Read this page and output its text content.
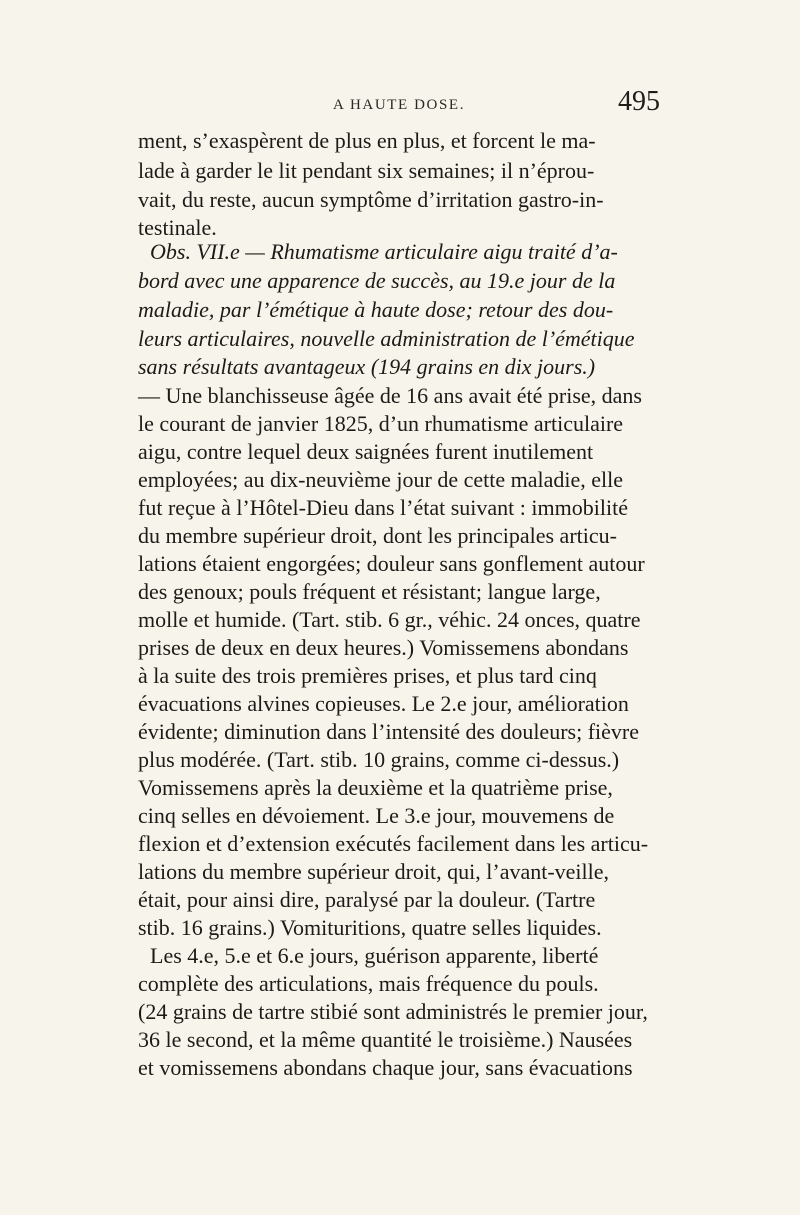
A HAUTE DOSE.	495
ment, s’exaspèrent de plus en plus, et forcent le ma-
lade à garder le lit pendant six semaines; il n’éprou-
vait, du reste, aucun symptôme d’irritation gastro-in-
testinale.
Obs. VII.e — Rhumatisme articulaire aigu traité d’a-
bord avec une apparence de succès, au 19.e jour de la
maladie, par l’émétique à haute dose; retour des dou-
leurs articulaires, nouvelle administration de l’émétique
sans résultats avantageux (194 grains en dix jours.)
— Une blanchisseuse âgée de 16 ans avait été prise, dans
le courant de janvier 1825, d’un rhumatisme articulaire
aigu, contre lequel deux saignées furent inutilement
employées; au dix-neuvième jour de cette maladie, elle
fut reçue à l’Hôtel-Dieu dans l’état suivant : immobilité
du membre supérieur droit, dont les principales articu-
lations étaient engorgées; douleur sans gonflement autour
des genoux; pouls fréquent et résistant; langue large,
molle et humide. (Tart. stib. 6 gr., véhic. 24 onces, quatre
prises de deux en deux heures.) Vomissemens abondans
à la suite des trois premières prises, et plus tard cinq
évacuations alvines copieuses. Le 2.e jour, amélioration
évidente; diminution dans l’intensité des douleurs; fièvre
plus modérée. (Tart. stib. 10 grains, comme ci-dessus.)
Vomissemens après la deuxième et la quatrième prise,
cinq selles en dévoiement. Le 3.e jour, mouvemens de
flexion et d’extension exécutés facilement dans les articu-
lations du membre supérieur droit, qui, l’avant-veille,
était, pour ainsi dire, paralysé par la douleur. (Tartre
stib. 16 grains.) Vomituritions, quatre selles liquides.
Les 4.e, 5.e et 6.e jours, guérison apparente, liberté
complète des articulations, mais fréquence du pouls.
(24 grains de tartre stibié sont administrés le premier jour,
36 le second, et la même quantité le troisième.) Nausées
et vomissemens abondans chaque jour, sans évacuations
